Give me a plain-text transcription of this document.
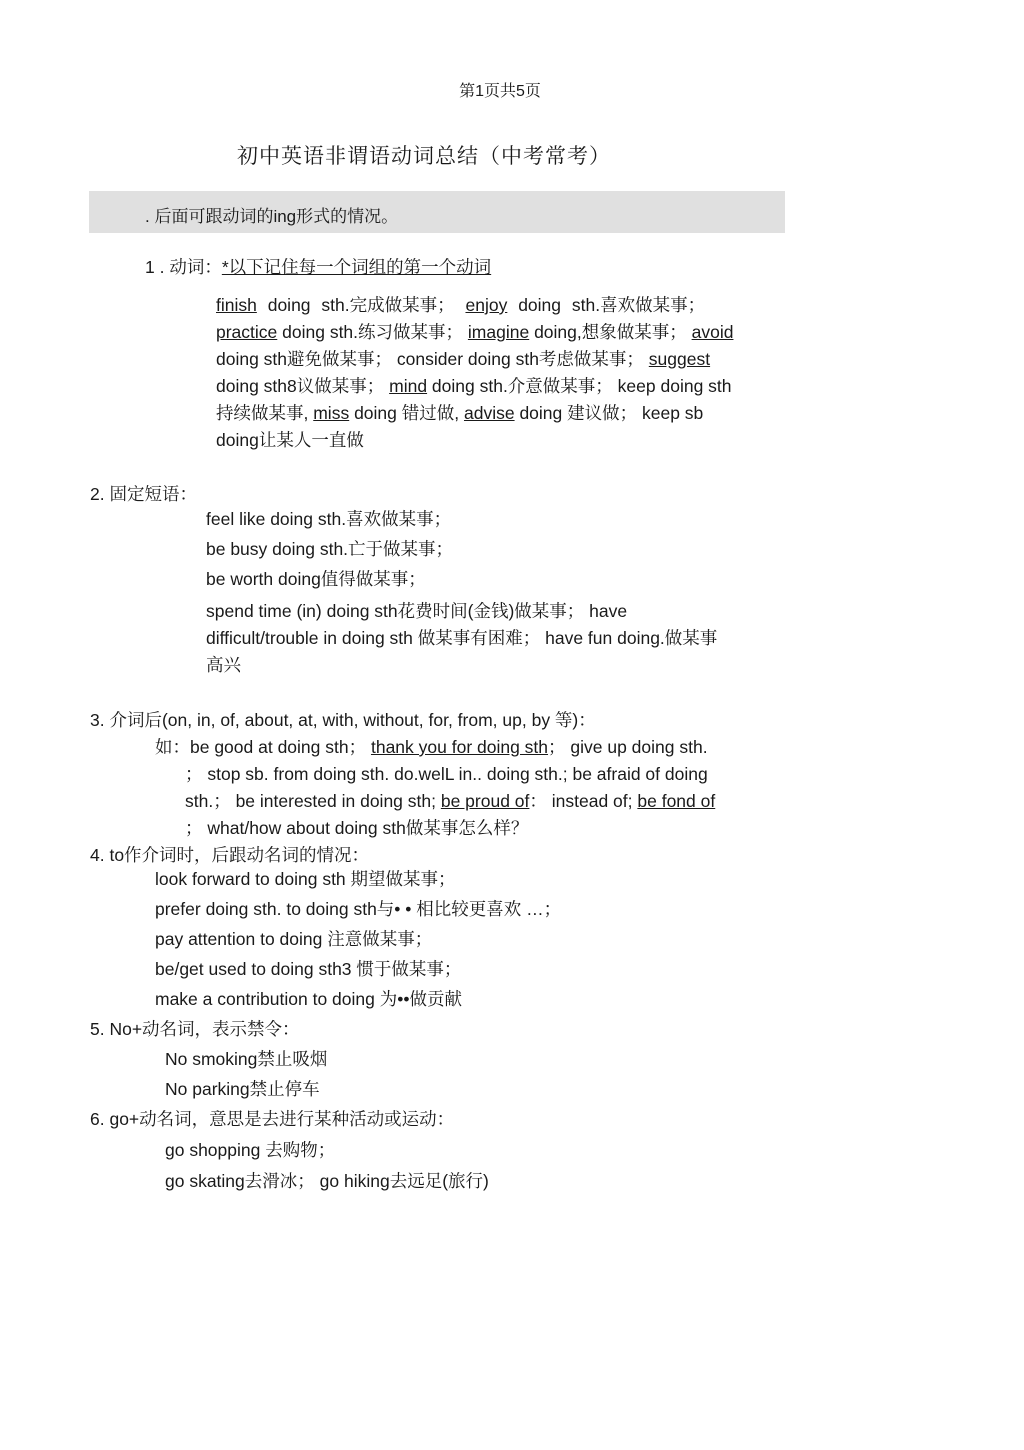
第1页共5页
初中英语非谓语动词总结（中考常考）
. 后面可跟动词的ing形式的情况。
1 . 动词：*以下记住每一个词组的第一个动词
finish doing sth.完成做某事； enjoy doing sth.喜欢做某事；
practice doing sth.练习做某事； imagine doing,想象做某事； avoid
doing sth避免做某事； consider doing sth考虑做某事； suggest
doing sth8议做某事； mind doing sth.介意做某事； keep doing sth
持续做某事, miss doing 错过做, advise doing 建议做； keep sb
doing让某人一直做
2. 固定短语：
feel like doing sth.喜欢做某事；
be busy doing sth.亡于做某事；
be worth doing值得做某事；
spend time (in) doing sth花费时间(金钱)做某事； have
difficult/trouble in doing sth 做某事有困难； have fun doing.做某事
高兴
3. 介词后(on, in, of, about, at, with, without, for, from, up, by 等)：
如：be good at doing sth； thank you for doing sth； give up doing sth.
； stop sb. from doing sth. do.welL in.. doing sth.; be afraid of doing
sth.； be interested in doing sth; be proud of： instead of; be fond of
； what/how about doing sth做某事怎么样？
4. to作介词时，后跟动名词的情况：
look forward to doing sth 期望做某事；
prefer doing sth. to doing sth与• • 相比较更喜欢 …；
pay attention to doing 注意做某事；
be/get used to doing sth3 惯于做某事；
make a contribution to doing 为••做贡献
5. No+动名词，表示禁令：
No smoking禁止吸烟
No parking禁止停车
6. go+动名词，意思是去进行某种活动或运动：
go shopping 去购物；
go skating去滑冰； go hiking去远足(旅行)
